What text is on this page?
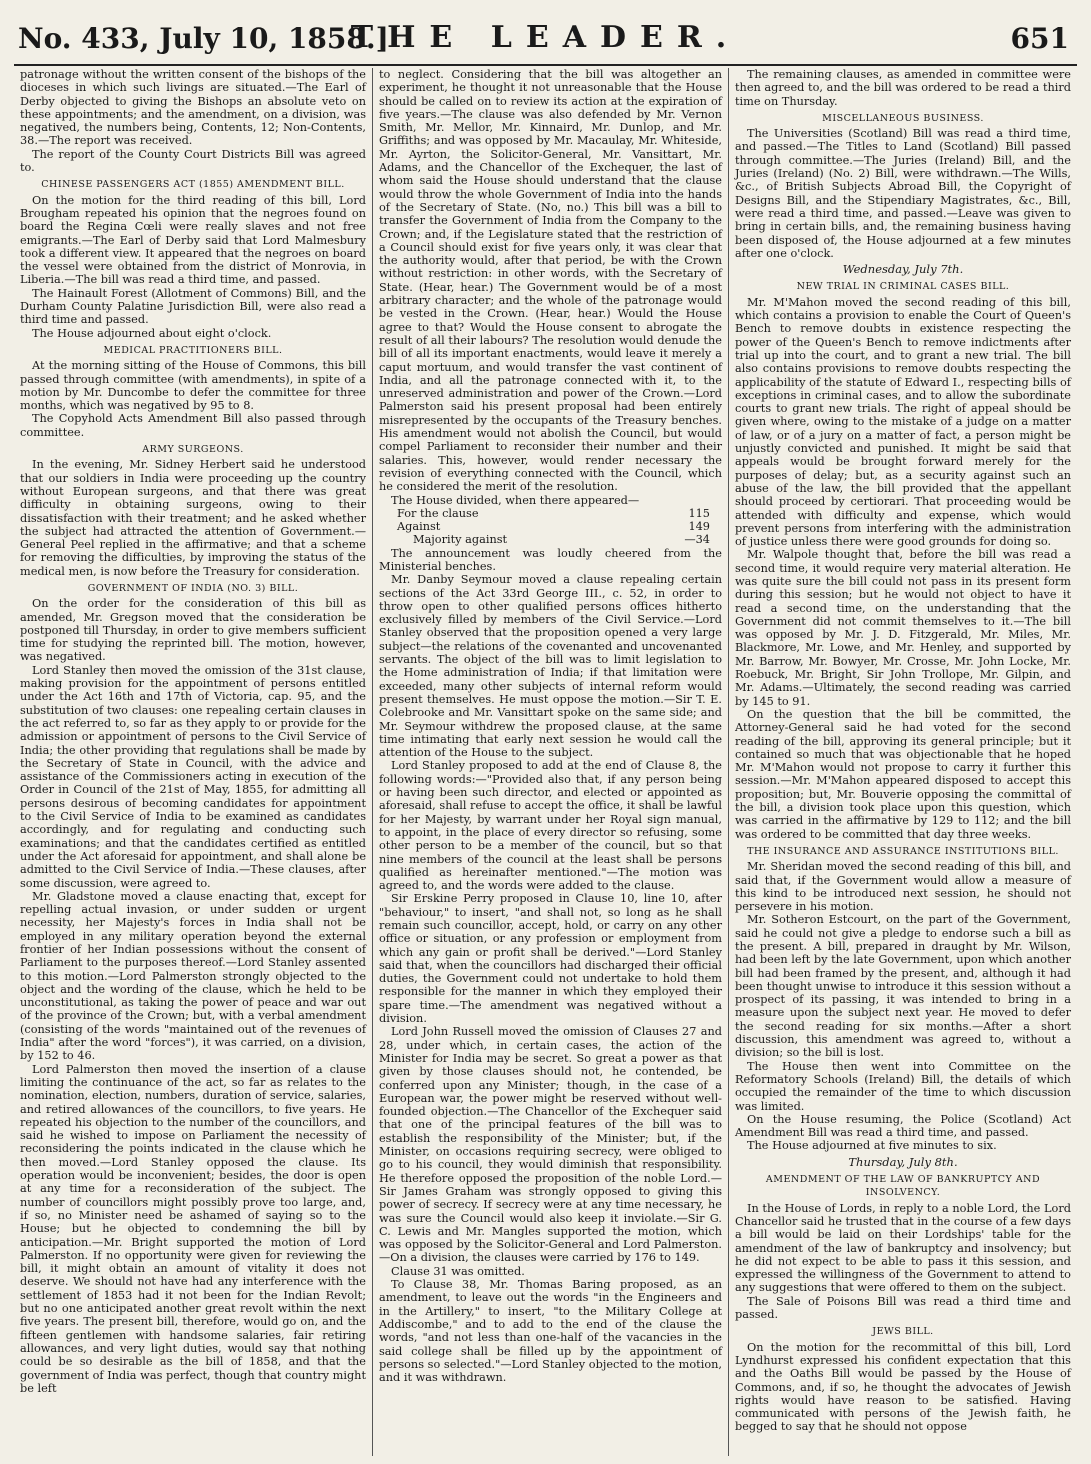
No. 433, July 10, 1858.]
THE LEADER.	651

patronage without the written consent of the bishops of the dioceses in which such livings are situated.—The Earl of Derby objected to giving the Bishops an absolute veto on these appointments; and the amendment, on a division, was negatived, the numbers being, Contents, 12; Non-Contents, 38.—The report was received.

The report of the County Court Districts Bill was agreed to.

CHINESE PASSENGERS ACT (1855) AMENDMENT BILL.

On the motion for the third reading of this bill, Lord Brougham repeated his opinion that the negroes found on board the Regina Cœli were really slaves and not free emigrants.—The Earl of Derby said that Lord Malmesbury took a different view. It appeared that the negroes on board the vessel were obtained from the district of Monrovia, in Liberia.—The bill was read a third time, and passed.

The Hainault Forest (Allotment of Commons) Bill, and the Durham County Palatine Jurisdiction Bill, were also read a third time and passed.

The House adjourned about eight o'clock.

MEDICAL PRACTITIONERS BILL.

At the morning sitting of the House of Commons, this bill passed through committee (with amendments), in spite of a motion by Mr. Duncombe to defer the committee for three months, which was negatived by 95 to 8.

The Copyhold Acts Amendment Bill also passed through committee.

ARMY SURGEONS.

In the evening, Mr. Sidney Herbert said he understood that our soldiers in India were proceeding up the country without European surgeons, and that there was great difficulty in obtaining surgeons, owing to their dissatisfaction with their treatment; and he asked whether the subject had attracted the attention of Government.—General Peel replied in the affirmative; and that a scheme for removing the difficulties, by improving the status of the medical men, is now before the Treasury for consideration.

GOVERNMENT OF INDIA (NO. 3) BILL.

On the order for the consideration of this bill as amended, Mr. Gregson moved that the consideration be postponed till Thursday, in order to give members sufficient time for studying the reprinted bill. The motion, however, was negatived.

Lord Stanley then moved the omission of the 31st clause, making provision for the appointment of persons entitled under the Act 16th and 17th of Victoria, cap. 95, and the substitution of two clauses: one repealing certain clauses in the act referred to, so far as they apply to or provide for the admission or appointment of persons to the Civil Service of India; the other providing that regulations shall be made by the Secretary of State in Council, with the advice and assistance of the Commissioners acting in execution of the Order in Council of the 21st of May, 1855, for admitting all persons desirous of becoming candidates for appointment to the Civil Service of India to be examined as candidates accordingly, and for regulating and conducting such examinations; and that the candidates certified as entitled under the Act aforesaid for appointment, and shall alone be admitted to the Civil Service of India.—These clauses, after some discussion, were agreed to.

Mr. Gladstone moved a clause enacting that, except for repelling actual invasion, or under sudden or urgent necessity, her Majesty's forces in India shall not be employed in any military operation beyond the external frontier of her Indian possessions without the consent of Parliament to the purposes thereof.—Lord Stanley assented to this motion.—Lord Palmerston strongly objected to the object and the wording of the clause, which he held to be unconstitutional, as taking the power of peace and war out of the province of the Crown; but, with a verbal amendment (consisting of the words "maintained out of the revenues of India" after the word "forces"), it was carried, on a division, by 152 to 46.

Lord Palmerston then moved the insertion of a clause limiting the continuance of the act, so far as relates to the nomination, election, numbers, duration of service, salaries, and retired allowances of the councillors, to five years. He repeated his objection to the number of the councillors, and said he wished to impose on Parliament the necessity of reconsidering the points indicated in the clause which he then moved.—Lord Stanley opposed the clause. Its operation would be inconvenient; besides, the door is open at any time for a reconsideration of the subject. The number of councillors might possibly prove too large, and, if so, no Minister need be ashamed of saying so to the House; but he objected to condemning the bill by anticipation.—Mr. Bright supported the motion of Lord Palmerston. If no opportunity were given for reviewing the bill, it might obtain an amount of vitality it does not deserve. We should not have had any interference with the settlement of 1853 had it not been for the Indian Revolt; but no one anticipated another great revolt within the next five years. The present bill, therefore, would go on, and the fifteen gentlemen with handsome salaries, fair retiring allowances, and very light duties, would say that nothing could be so desirable as the bill of 1858, and that the government of India was perfect, though that country might be left

to neglect. Considering that the bill was altogether an experiment, he thought it not unreasonable that the House should be called on to review its action at the expiration of five years.—The clause was also defended by Mr. Vernon Smith, Mr. Mellor, Mr. Kinnaird, Mr. Dunlop, and Mr. Griffiths; and was opposed by Mr. Macaulay, Mr. Whiteside, Mr. Ayrton, the Solicitor-General, Mr. Vansittart, Mr. Adams, and the Chancellor of the Exchequer, the last of whom said the House should understand that the clause would throw the whole Government of India into the hands of the Secretary of State. (No, no.) This bill was a bill to transfer the Government of India from the Company to the Crown; and, if the Legislature stated that the restriction of a Council should exist for five years only, it was clear that the authority would, after that period, be with the Crown without restriction: in other words, with the Secretary of State. (Hear, hear.) The Government would be of a most arbitrary character; and the whole of the patronage would be vested in the Crown. (Hear, hear.) Would the House agree to that? Would the House consent to abrogate the result of all their labours? The resolution would denude the bill of all its important enactments, would leave it merely a caput mortuum, and would transfer the vast continent of India, and all the patronage connected with it, to the unreserved administration and power of the Crown.—Lord Palmerston said his present proposal had been entirely misrepresented by the occupants of the Treasury benches. His amendment would not abolish the Council, but would compel Parliament to reconsider their number and their salaries. This, however, would render necessary the revision of everything connected with the Council, which he considered the merit of the resolution.

The House divided, when there appeared—

For the clause	115
Against	149
Majority against	—34

The announcement was loudly cheered from the Ministerial benches.

Mr. Danby Seymour moved a clause repealing certain sections of the Act 33rd George III., c. 52, in order to throw open to other qualified persons offices hitherto exclusively filled by members of the Civil Service.—Lord Stanley observed that the proposition opened a very large subject—the relations of the covenanted and uncovenanted servants. The object of the bill was to limit legislation to the Home administration of India; if that limitation were exceeded, many other subjects of internal reform would present themselves. He must oppose the motion.—Sir T. E. Colebrooke and Mr. Vansittart spoke on the same side; and Mr. Seymour withdrew the proposed clause, at the same time intimating that early next session he would call the attention of the House to the subject.

Lord Stanley proposed to add at the end of Clause 8, the following words:—"Provided also that, if any person being or having been such director, and elected or appointed as aforesaid, shall refuse to accept the office, it shall be lawful for her Majesty, by warrant under her Royal sign manual, to appoint, in the place of every director so refusing, some other person to be a member of the council, but so that nine members of the council at the least shall be persons qualified as hereinafter mentioned."—The motion was agreed to, and the words were added to the clause.

Sir Erskine Perry proposed in Clause 10, line 10, after "behaviour," to insert, "and shall not, so long as he shall remain such councillor, accept, hold, or carry on any other office or situation, or any profession or employment from which any gain or profit shall be derived."—Lord Stanley said that, when the councillors had discharged their official duties, the Government could not undertake to hold them responsible for the manner in which they employed their spare time.—The amendment was negatived without a division.

Lord John Russell moved the omission of Clauses 27 and 28, under which, in certain cases, the action of the Minister for India may be secret. So great a power as that given by those clauses should not, he contended, be conferred upon any Minister; though, in the case of a European war, the power might be reserved without well-founded objection.—The Chancellor of the Exchequer said that one of the principal features of the bill was to establish the responsibility of the Minister; but, if the Minister, on occasions requiring secrecy, were obliged to go to his council, they would diminish that responsibility. He therefore opposed the proposition of the noble Lord.—Sir James Graham was strongly opposed to giving this power of secrecy. If secrecy were at any time necessary, he was sure the Council would also keep it inviolate.—Sir G. C. Lewis and Mr. Mangles supported the motion, which was opposed by the Solicitor-General and Lord Palmerston.—On a division, the clauses were carried by 176 to 149.

Clause 31 was omitted.

To Clause 38, Mr. Thomas Baring proposed, as an amendment, to leave out the words "in the Engineers and in the Artillery," to insert, "to the Military College at Addiscombe," and to add to the end of the clause the words, "and not less than one-half of the vacancies in the said college shall be filled up by the appointment of persons so selected."—Lord Stanley objected to the motion, and it was withdrawn.

The remaining clauses, as amended in committee were then agreed to, and the bill was ordered to be read a third time on Thursday.

MISCELLANEOUS BUSINESS.

The Universities (Scotland) Bill was read a third time, and passed.—The Titles to Land (Scotland) Bill passed through committee.—The Juries (Ireland) Bill, and the Juries (Ireland) (No. 2) Bill, were withdrawn.—The Wills, &c., of British Subjects Abroad Bill, the Copyright of Designs Bill, and the Stipendiary Magistrates, &c., Bill, were read a third time, and passed.—Leave was given to bring in certain bills, and, the remaining business having been disposed of, the House adjourned at a few minutes after one o'clock.

Wednesday, July 7th.
NEW TRIAL IN CRIMINAL CASES BILL.

Mr. M'Mahon moved the second reading of this bill, which contains a provision to enable the Court of Queen's Bench to remove doubts in existence respecting the power of the Queen's Bench to remove indictments after trial up into the court, and to grant a new trial. The bill also contains provisions to remove doubts respecting the applicability of the statute of Edward I., respecting bills of exceptions in criminal cases, and to allow the subordinate courts to grant new trials. The right of appeal should be given where, owing to the mistake of a judge on a matter of law, or of a jury on a matter of fact, a person might be unjustly convicted and punished. It might be said that appeals would be brought forward merely for the purposes of delay; but, as a security against such an abuse of the law, the bill provided that the appellant should proceed by certiorari. That proceeding would be attended with difficulty and expense, which would prevent persons from interfering with the administration of justice unless there were good grounds for doing so.

Mr. Walpole thought that, before the bill was read a second time, it would require very material alteration. He was quite sure the bill could not pass in its present form during this session; but he would not object to have it read a second time, on the understanding that the Government did not commit themselves to it.—The bill was opposed by Mr. J. D. Fitzgerald, Mr. Miles, Mr. Blackmore, Mr. Lowe, and Mr. Henley, and supported by Mr. Barrow, Mr. Bowyer, Mr. Crosse, Mr. John Locke, Mr. Roebuck, Mr. Bright, Sir John Trollope, Mr. Gilpin, and Mr. Adams.—Ultimately, the second reading was carried by 145 to 91.

On the question that the bill be committed, the Attorney-General said he had voted for the second reading of the bill, approving its general principle; but it contained so much that was objectionable that he hoped Mr. M'Mahon would not propose to carry it further this session.—Mr. M'Mahon appeared disposed to accept this proposition; but, Mr. Bouverie opposing the committal of the bill, a division took place upon this question, which was carried in the affirmative by 129 to 112; and the bill was ordered to be committed that day three weeks.

THE INSURANCE AND ASSURANCE INSTITUTIONS BILL.

Mr. Sheridan moved the second reading of this bill, and said that, if the Government would allow a measure of this kind to be introduced next session, he should not persevere in his motion.

Mr. Sotheron Estcourt, on the part of the Government, said he could not give a pledge to endorse such a bill as the present. A bill, prepared in draught by Mr. Wilson, had been left by the late Government, upon which another bill had been framed by the present, and, although it had been thought unwise to introduce it this session without a prospect of its passing, it was intended to bring in a measure upon the subject next year. He moved to defer the second reading for six months.—After a short discussion, this amendment was agreed to, without a division; so the bill is lost.

The House then went into Committee on the Reformatory Schools (Ireland) Bill, the details of which occupied the remainder of the time to which discussion was limited.

On the House resuming, the Police (Scotland) Act Amendment Bill was read a third time, and passed.

The House adjourned at five minutes to six.

Thursday, July 8th.
AMENDMENT OF THE LAW OF BANKRUPTCY AND INSOLVENCY.

In the House of Lords, in reply to a noble Lord, the Lord Chancellor said he trusted that in the course of a few days a bill would be laid on their Lordships' table for the amendment of the law of bankruptcy and insolvency; but he did not expect to be able to pass it this session, and expressed the willingness of the Government to attend to any suggestions that were offered to them on the subject.

The Sale of Poisons Bill was read a third time and passed.

JEWS BILL.

On the motion for the recommittal of this bill, Lord Lyndhurst expressed his confident expectation that this and the Oaths Bill would be passed by the House of Commons, and, if so, he thought the advocates of Jewish rights would have reason to be satisfied. Having communicated with persons of the Jewish faith, he begged to say that he should not oppose
